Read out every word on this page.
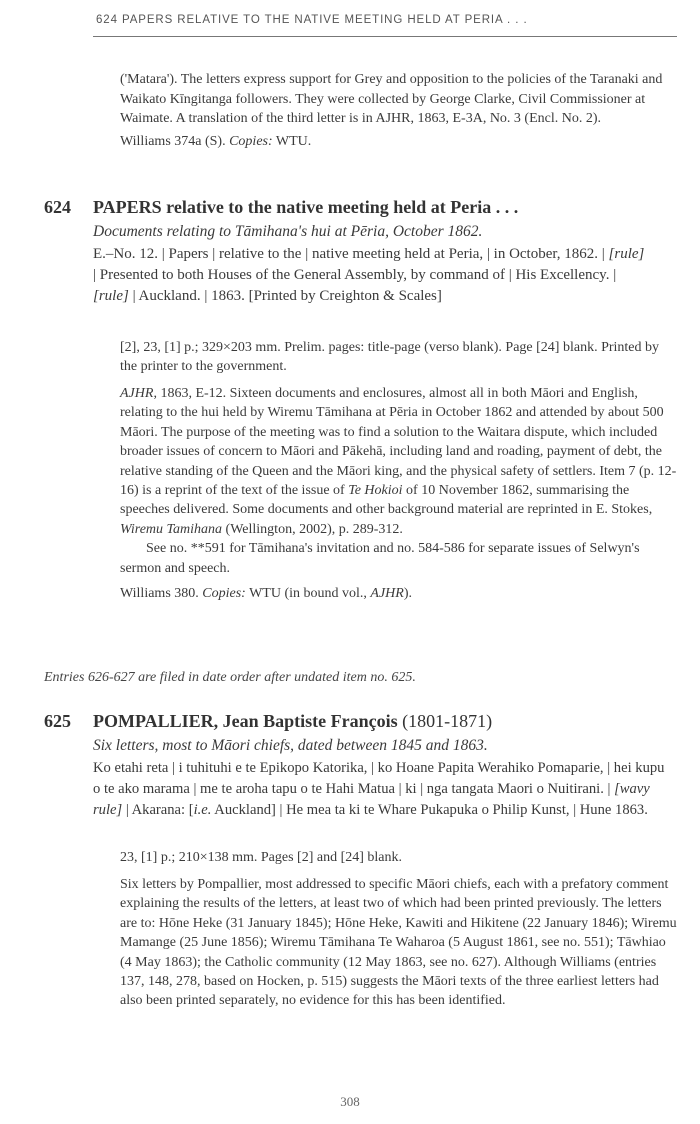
624 PAPERS RELATIVE TO THE NATIVE MEETING HELD AT PERIA . . .

('Matara'). The letters express support for Grey and opposition to the policies of the Taranaki and Waikato Kīngitanga followers. They were collected by George Clarke, Civil Commissioner at Waimate. A translation of the third letter is in AJHR, 1863, E-3A, No. 3 (Encl. No. 2).

Williams 374a (S). Copies: WTU.

624 PAPERS relative to the native meeting held at Peria . . .
Documents relating to Tāmihana's hui at Pēria, October 1862.

E.–No. 12. | Papers | relative to the | native meeting held at Peria, | in October, 1862. | [rule] | Presented to both Houses of the General Assembly, by command of | His Excellency. | [rule] | Auckland. | 1863. [Printed by Creighton & Scales]

[2], 23, [1] p.; 329×203 mm. Prelim. pages: title-page (verso blank). Page [24] blank. Printed by the printer to the government.

AJHR, 1863, E-12. Sixteen documents and enclosures, almost all in both Māori and English, relating to the hui held by Wiremu Tāmihana at Pēria in October 1862 and attended by about 500 Māori. The purpose of the meeting was to find a solution to the Waitara dispute, which included broader issues of concern to Māori and Pākehā, including land and roading, payment of debt, the relative standing of the Queen and the Māori king, and the physical safety of settlers. Item 7 (p. 12-16) is a reprint of the text of the issue of Te Hokioi of 10 November 1862, summarising the speeches delivered. Some documents and other background material are reprinted in E. Stokes, Wiremu Tamihana (Wellington, 2002), p. 289-312.

See no. **591 for Tāmihana's invitation and no. 584-586 for separate issues of Selwyn's sermon and speech.

Williams 380. Copies: WTU (in bound vol., AJHR).

Entries 626-627 are filed in date order after undated item no. 625.
625 POMPALLIER, Jean Baptiste François (1801-1871)
Six letters, most to Māori chiefs, dated between 1845 and 1863.

Ko etahi reta | i tuhituhi e te Epikopo Katorika, | ko Hoane Papita Werahiko Pomaparie, | hei kupu o te ako marama | me te aroha tapu o te Hahi Matua | ki | nga tangata Maori o Nuitirani. | [wavy rule] | Akarana: [i.e. Auckland] | He mea ta ki te Whare Pukapuka o Philip Kunst, | Hune 1863.

23, [1] p.; 210×138 mm. Pages [2] and [24] blank.

Six letters by Pompallier, most addressed to specific Māori chiefs, each with a prefatory comment explaining the results of the letters, at least two of which had been printed previously. The letters are to: Hōne Heke (31 January 1845); Hōne Heke, Kawiti and Hikitene (22 January 1846); Wiremu Mamange (25 June 1856); Wiremu Tāmihana Te Waharoa (5 August 1861, see no. 551); Tāwhiao (4 May 1863); the Catholic community (12 May 1863, see no. 627). Although Williams (entries 137, 148, 278, based on Hocken, p. 515) suggests the Māori texts of the three earliest letters had also been printed separately, no evidence for this has been identified.

308
